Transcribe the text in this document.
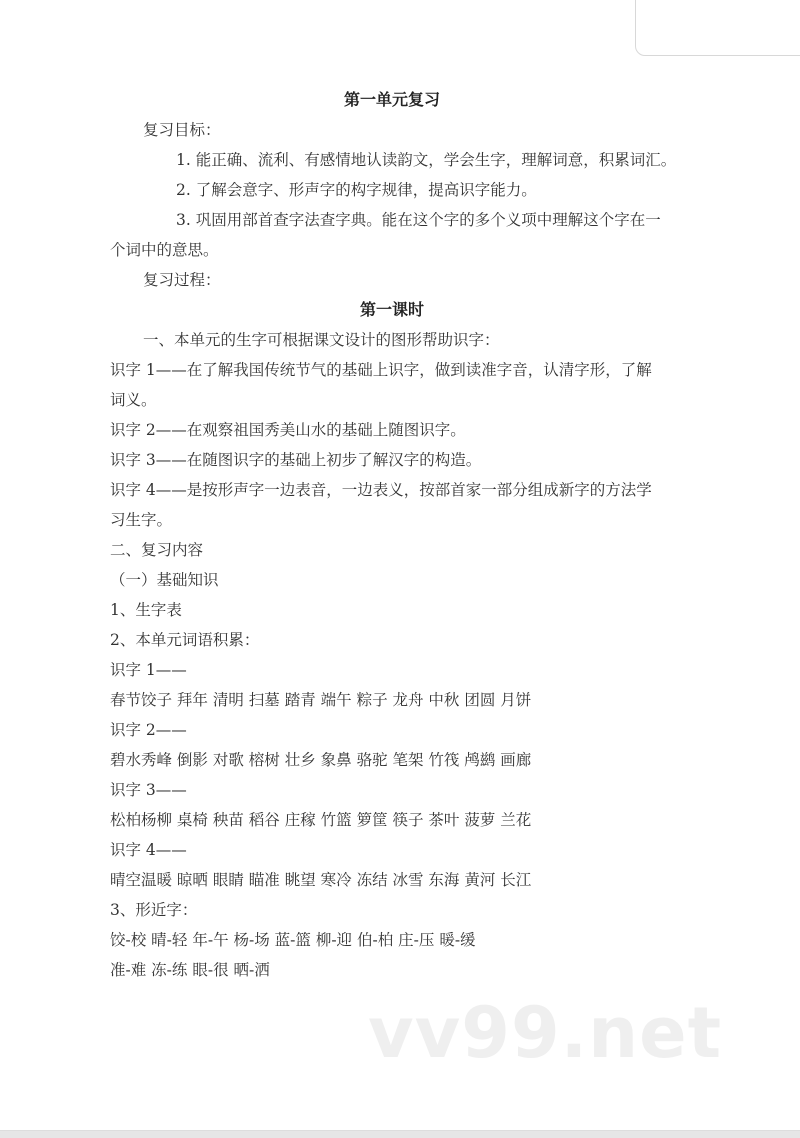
第一单元复习
复习目标：
1. 能正确、流利、有感情地认读韵文，学会生字，理解词意，积累词汇。
2. 了解会意字、形声字的构字规律，提高识字能力。
3. 巩固用部首查字法查字典。能在这个字的多个义项中理解这个字在一
个词中的意思。
复习过程：
第一课时
一、本单元的生字可根据课文设计的图形帮助识字：
识字 1——在了解我国传统节气的基础上识字，做到读准字音，认清字形，了解
词义。
识字 2——在观察祖国秀美山水的基础上随图识字。
识字 3——在随图识字的基础上初步了解汉字的构造。
识字 4——是按形声字一边表音，一边表义，按部首家一部分组成新字的方法学
习生字。
二、复习内容
（一）基础知识
1、生字表
2、本单元词语积累：
识字 1——
春节饺子 拜年 清明 扫墓 踏青 端午 粽子 龙舟 中秋 团圆 月饼
识字 2——
碧水秀峰 倒影 对歌 榕树 壮乡 象鼻 骆驼 笔架 竹筏 鸬鹚 画廊
识字 3——
松柏杨柳 桌椅 秧苗 稻谷 庄稼 竹篮 箩筐 筷子 茶叶 菠萝 兰花
识字 4——
晴空温暖 晾晒 眼睛 瞄准 眺望 寒冷 冻结 冰雪 东海 黄河 长江
3、形近字：
饺-校 晴-轻 年-午 杨-场 蓝-篮 柳-迎 伯-柏 庄-压 暖-缓
准-难 冻-练 眼-很 晒-洒
vv99.net
